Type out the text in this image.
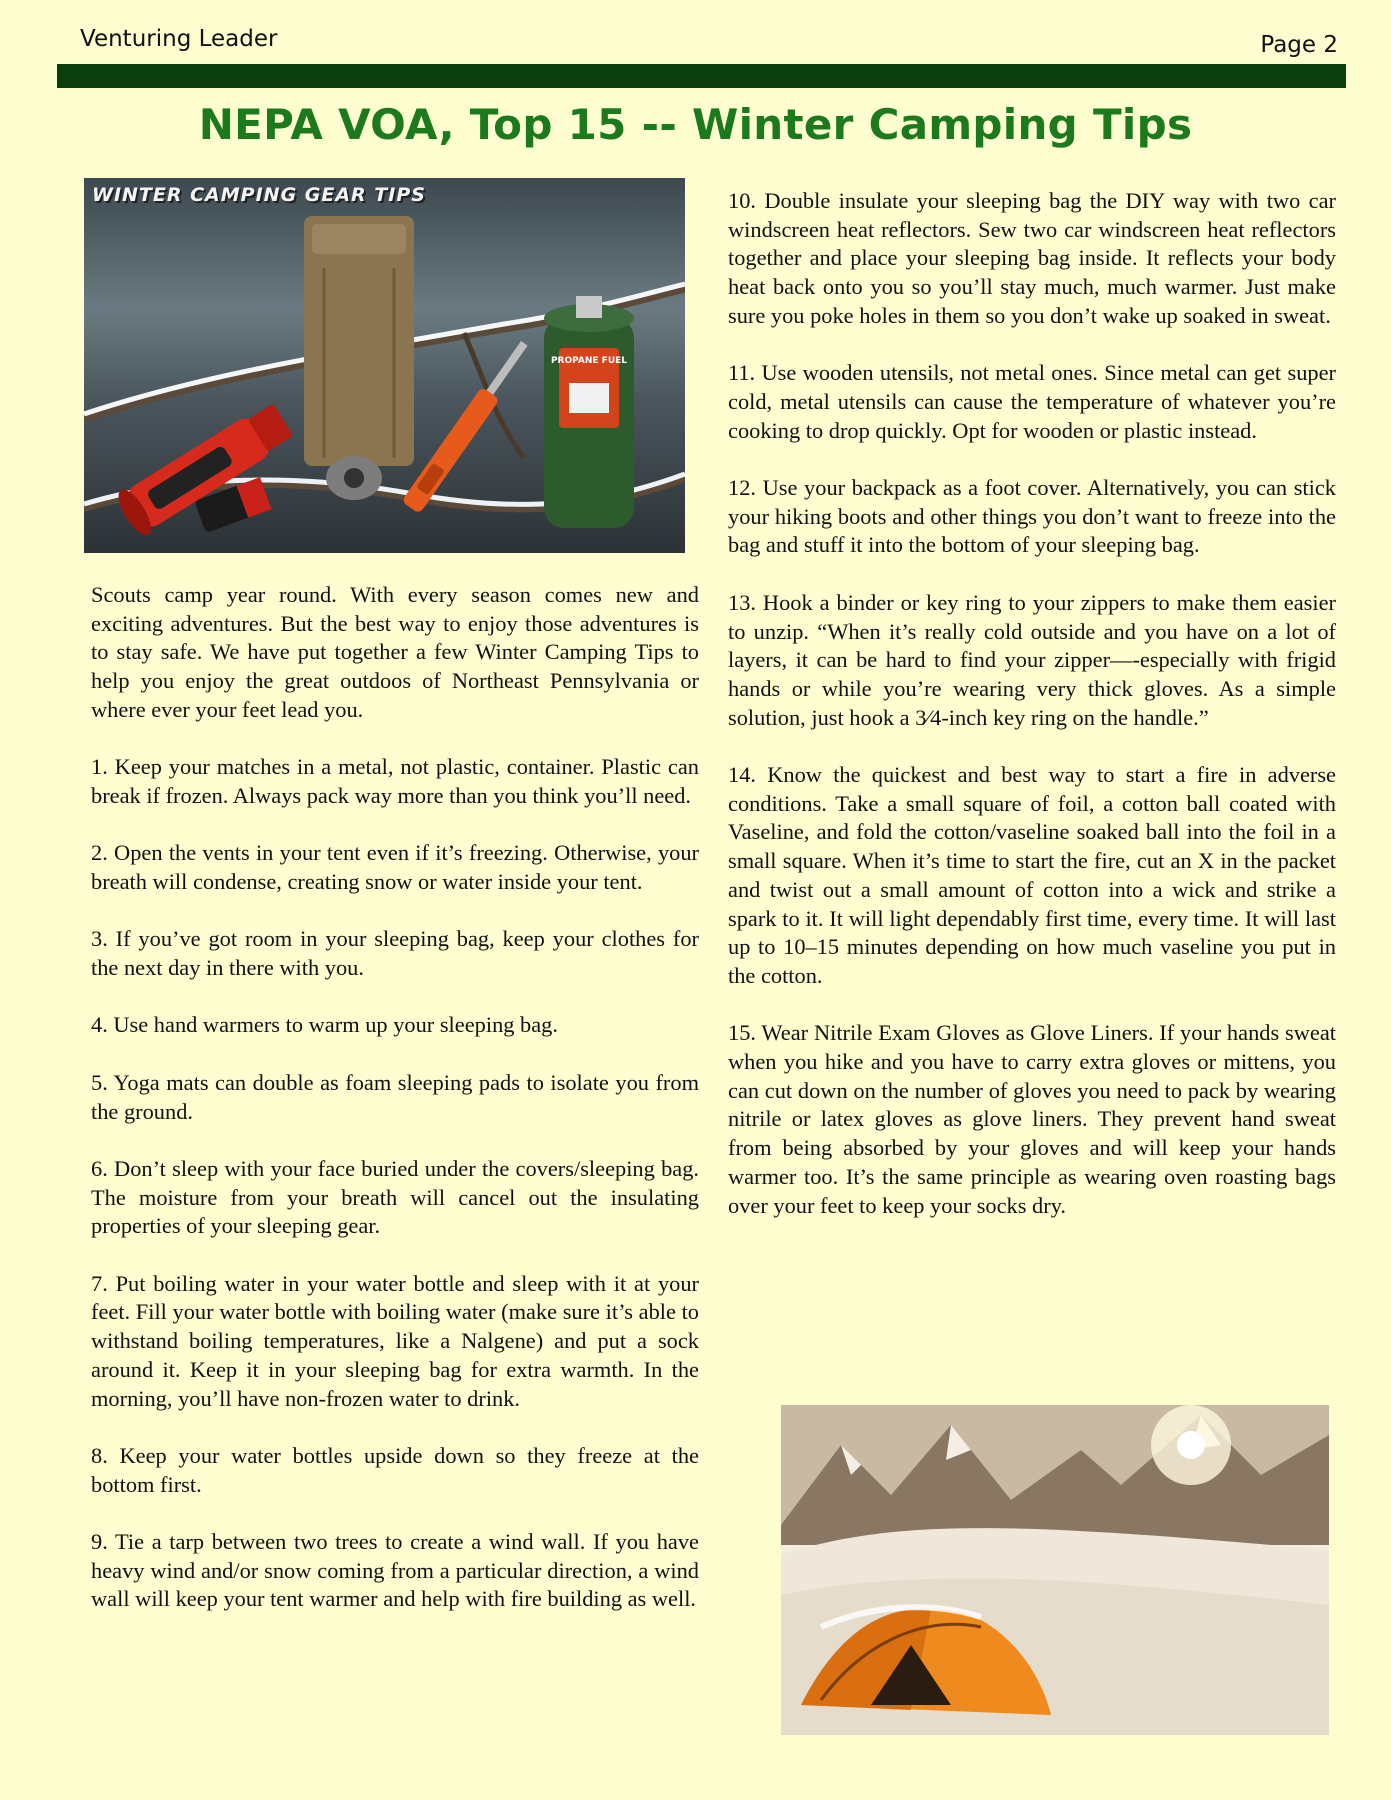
Venturing Leader	Page 2
NEPA VOA, Top 15 -- Winter Camping Tips
PROPANE FUEL
WINTER CAMPING GEAR TIPS

Scouts camp year round. With every season comes new and exciting adventures. But the best way to enjoy those adventures is to stay safe. We have put together a few Winter Camping Tips to help you enjoy the great outdoos of Northeast Pennsylvania or where ever your feet lead you.

1. Keep your matches in a metal, not plastic, container. Plastic can break if frozen. Always pack way more than you think you’ll need.

2. Open the vents in your tent even if it’s freezing. Otherwise, your breath will condense, creating snow or water inside your tent.

3. If you’ve got room in your sleeping bag, keep your clothes for the next day in there with you.

4. Use hand warmers to warm up your sleeping bag.

5. Yoga mats can double as foam sleeping pads to isolate you from the ground.

6. Don’t sleep with your face buried under the covers/sleeping bag. The moisture from your breath will cancel out the insulating properties of your sleeping gear.

7. Put boiling water in your water bottle and sleep with it at your feet. Fill your water bottle with boiling water (make sure it’s able to withstand boiling temperatures, like a Nalgene) and put a sock around it. Keep it in your sleeping bag for extra warmth. In the morning, you’ll have non-frozen water to drink.

8. Keep your water bottles upside down so they freeze at the bottom first.

9. Tie a tarp between two trees to create a wind wall. If you have heavy wind and/or snow coming from a particular direction, a wind wall will keep your tent warmer and help with fire building as well.

10. Double insulate your sleeping bag the DIY way with two car windscreen heat reflectors. Sew two car windscreen heat reflectors together and place your sleeping bag inside. It reflects your body heat back onto you so you’ll stay much, much warmer. Just make sure you poke holes in them so you don’t wake up soaked in sweat.

11. Use wooden utensils, not metal ones. Since metal can get super cold, metal utensils can cause the temperature of whatever you’re cooking to drop quickly. Opt for wooden or plastic instead.

12. Use your backpack as a foot cover. Alternatively, you can stick your hiking boots and other things you don’t want to freeze into the bag and stuff it into the bottom of your sleeping bag.

13. Hook a binder or key ring to your zippers to make them easier to unzip. “When it’s really cold outside and you have on a lot of layers, it can be hard to find your zipper—-especially with frigid hands or while you’re wearing very thick gloves. As a simple solution, just hook a 3⁄4-inch key ring on the handle.”

14. Know the quickest and best way to start a fire in adverse conditions. Take a small square of foil, a cotton ball coated with Vaseline, and fold the cotton/vaseline soaked ball into the foil in a small square. When it’s time to start the fire, cut an X in the packet and twist out a small amount of cotton into a wick and strike a spark to it. It will light dependably first time, every time. It will last up to 10–15 minutes depending on how much vaseline you put in the cotton.

15. Wear Nitrile Exam Gloves as Glove Liners. If your hands sweat when you hike and you have to carry extra gloves or mittens, you can cut down on the number of gloves you need to pack by wearing nitrile or latex gloves as glove liners. They prevent hand sweat from being absorbed by your gloves and will keep your hands warmer too. It’s the same principle as wearing oven roasting bags over your feet to keep your socks dry.
